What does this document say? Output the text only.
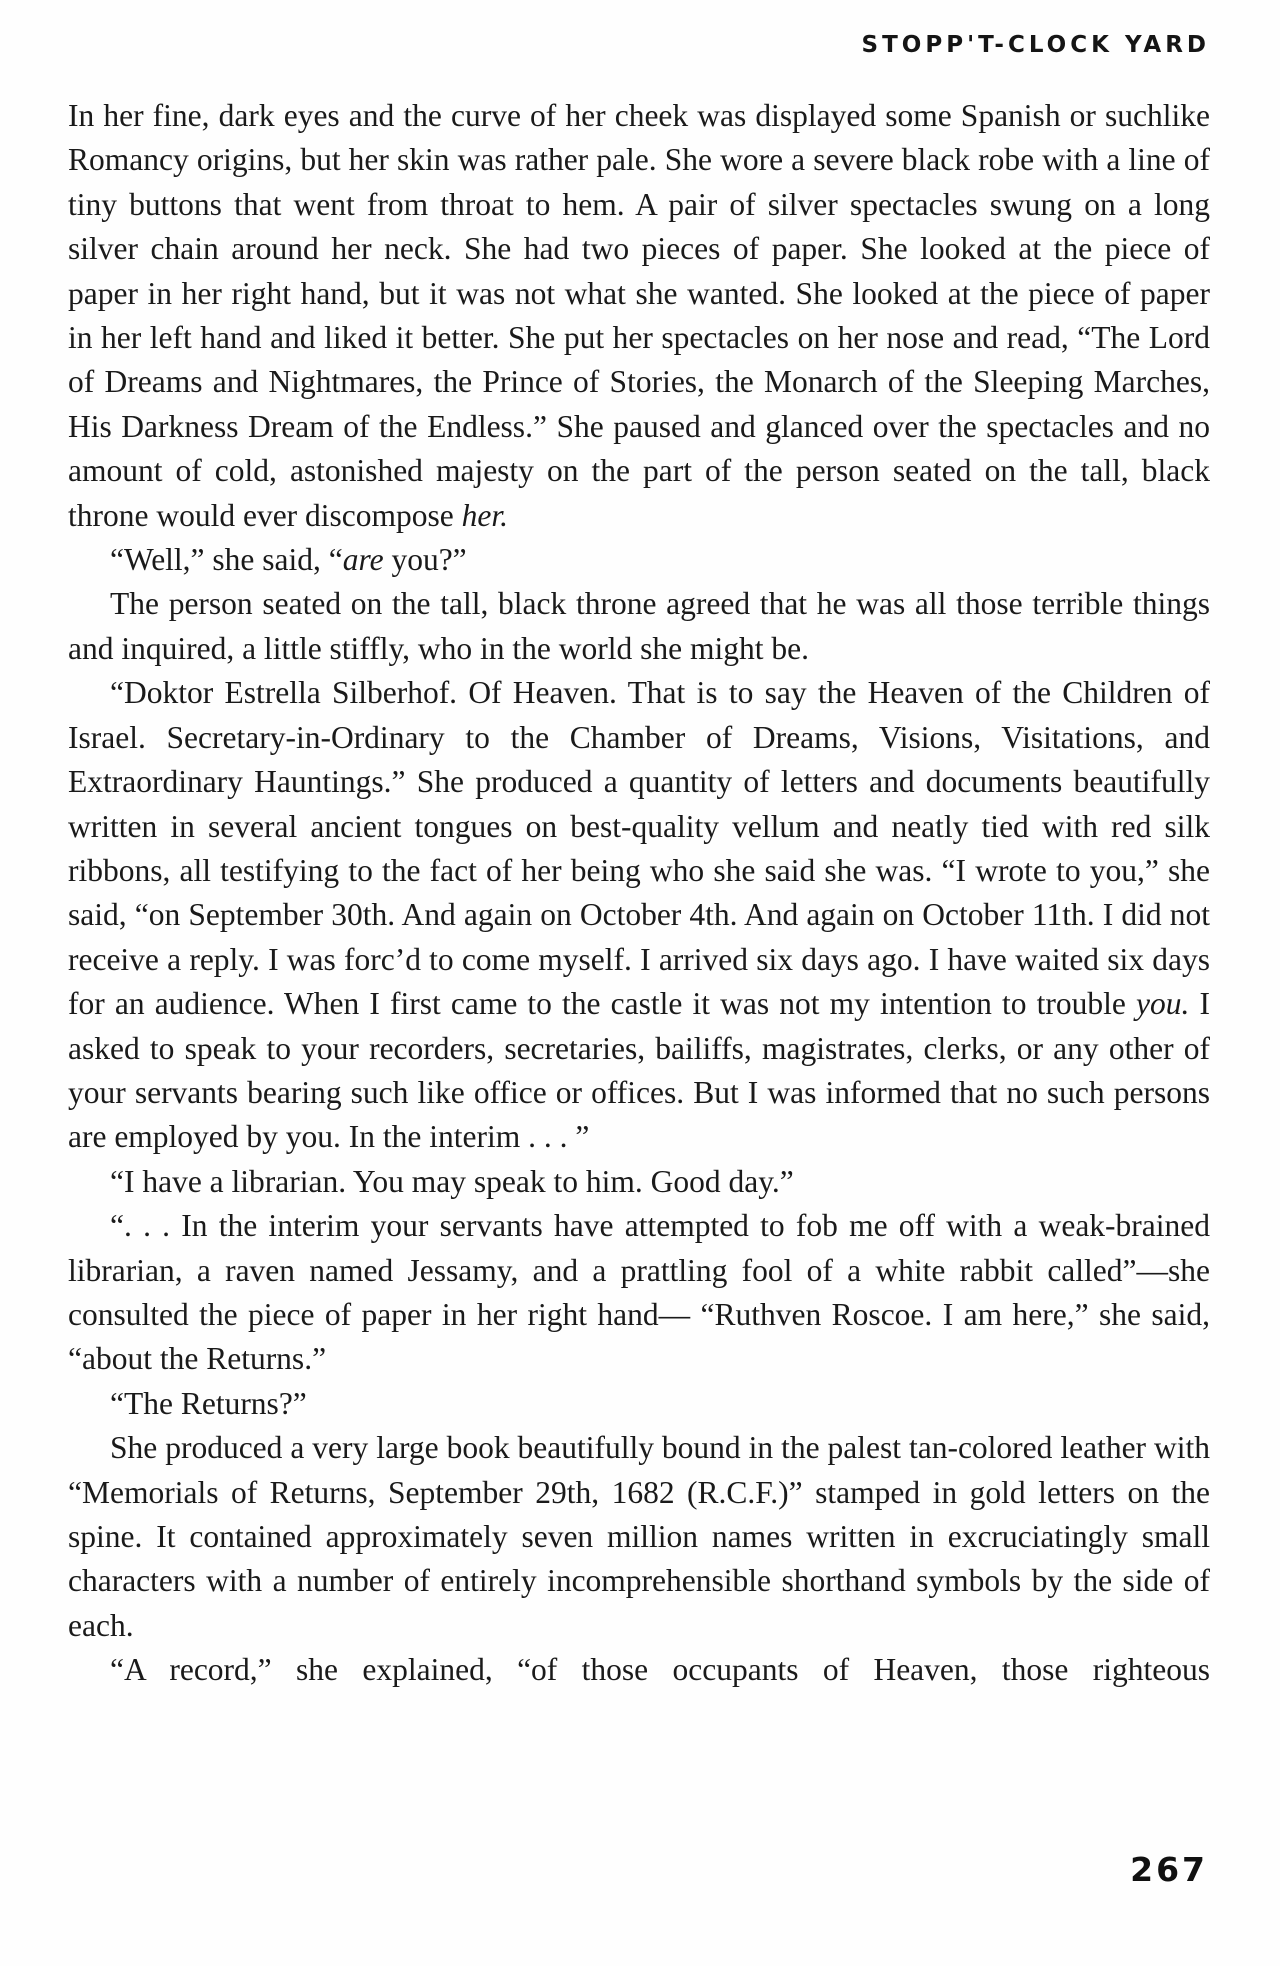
STOPP'T-CLOCK YARD

In her fine, dark eyes and the curve of her cheek was displayed some Spanish or suchlike Romancy origins, but her skin was rather pale. She wore a severe black robe with a line of tiny buttons that went from throat to hem. A pair of silver spectacles swung on a long silver chain around her neck. She had two pieces of paper. She looked at the piece of paper in her right hand, but it was not what she wanted. She looked at the piece of paper in her left hand and liked it better. She put her spectacles on her nose and read, “The Lord of Dreams and Nightmares, the Prince of Stories, the Monarch of the Sleeping Marches, His Darkness Dream of the Endless.” She paused and glanced over the spectacles and no amount of cold, astonished majesty on the part of the person seated on the tall, black throne would ever discompose her.

“Well,” she said, “are you?”

The person seated on the tall, black throne agreed that he was all those terrible things and inquired, a little stiffly, who in the world she might be.

“Doktor Estrella Silberhof. Of Heaven. That is to say the Heaven of the Children of Israel. Secretary-in-Ordinary to the Chamber of Dreams, Visions, Visitations, and Extraordinary Hauntings.” She produced a quantity of letters and documents beautifully written in several ancient tongues on best-quality vellum and neatly tied with red silk ribbons, all testifying to the fact of her being who she said she was. “I wrote to you,” she said, “on September 30th. And again on October 4th. And again on October 11th. I did not receive a reply. I was forc’d to come myself. I arrived six days ago. I have waited six days for an audience. When I first came to the castle it was not my intention to trouble you. I asked to speak to your recorders, secretaries, bailiffs, magistrates, clerks, or any other of your servants bearing such like office or offices. But I was informed that no such persons are employed by you. In the interim . . . ”

“I have a librarian. You may speak to him. Good day.”

“. . . In the interim your servants have attempted to fob me off with a weak-brained librarian, a raven named Jessamy, and a prattling fool of a white rabbit called”—she consulted the piece of paper in her right hand— “Ruthven Roscoe. I am here,” she said, “about the Returns.”

“The Returns?”

She produced a very large book beautifully bound in the palest tan-colored leather with “Memorials of Returns, September 29th, 1682 (R.C.F.)” stamped in gold letters on the spine. It contained approximately seven million names written in excruciatingly small characters with a number of entirely incomprehensible shorthand symbols by the side of each.

“A record,” she explained, “of those occupants of Heaven, those righteous

267
